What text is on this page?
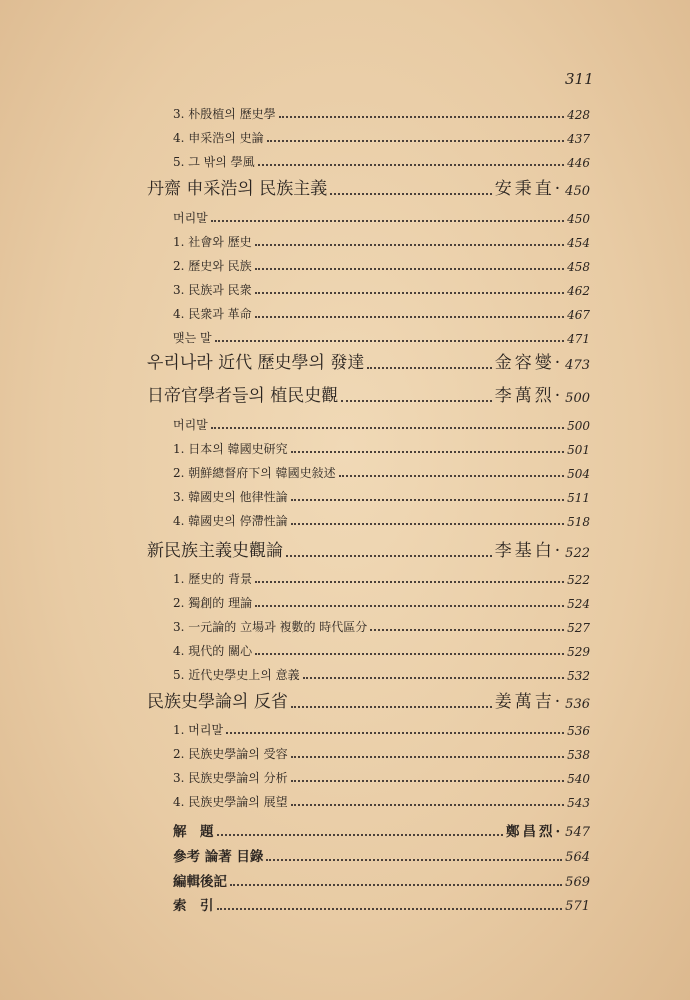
311
3. 朴殷植의 歷史學	428
4. 申采浩의 史論	437
5. 그 밖의 學風	446
丹齋 申采浩의 民族主義	安秉直· 450
머리말	450
1. 社會와 歷史	454
2. 歷史와 民族	458
3. 民族과 民衆	462
4. 民衆과 革命	467
맺는 말	471
우리나라 近代 歷史學의 發達	金容燮· 473
日帝官學者들의 植民史觀	李萬烈· 500
머리말	500
1. 日本의 韓國史研究	501
2. 朝鮮總督府下의 韓國史敍述	504
3. 韓國史의 他律性論	511
4. 韓國史의 停滯性論	518
新民族主義史觀論	李基白· 522
1. 歷史的 背景	522
2. 獨創的 理論	524
3. 一元論的 立場과 複數的 時代區分	527
4. 現代的 關心	529
5. 近代史學史上의 意義	532
民族史學論의 反省	姜萬吉· 536
1. 머리말	536
2. 民族史學論의 受容	538
3. 民族史學論의 分析	540
4. 民族史學論의 展望	543
解　題	鄭昌烈· 547
參考 論著 目錄	564
編輯後記	569
索　引	571
